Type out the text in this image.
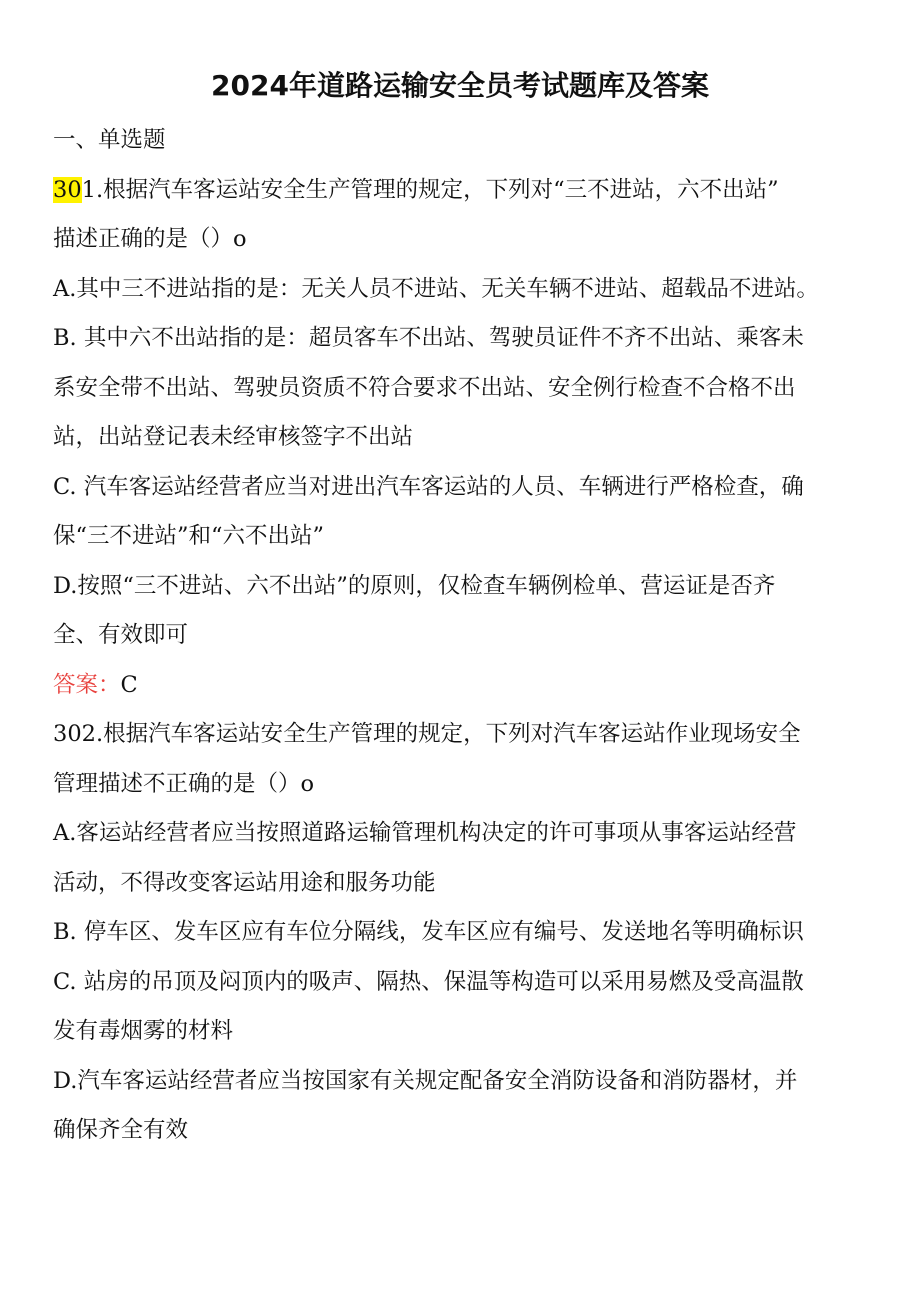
2024年道路运输安全员考试题库及答案
一、单选题
301.根据汽车客运站安全生产管理的规定，下列对“三不进站，六不出站”
描述正确的是（）o
A.其中三不进站指的是：无关人员不进站、无关车辆不进站、超载品不进站。
B. 其中六不出站指的是：超员客车不出站、驾驶员证件不齐不出站、乘客未
系安全带不出站、驾驶员资质不符合要求不出站、安全例行检查不合格不出
站，出站登记表未经审核签字不出站
C. 汽车客运站经营者应当对进出汽车客运站的人员、车辆进行严格检查，确
保“三不进站”和“六不出站”
D.按照“三不进站、六不出站”的原则，仅检查车辆例检单、营运证是否齐
全、有效即可
答案：C
302.根据汽车客运站安全生产管理的规定，下列对汽车客运站作业现场安全
管理描述不正确的是（）o
A.客运站经营者应当按照道路运输管理机构决定的许可事项从事客运站经营
活动，不得改变客运站用途和服务功能
B. 停车区、发车区应有车位分隔线，发车区应有编号、发送地名等明确标识
C. 站房的吊顶及闷顶内的吸声、隔热、保温等构造可以采用易燃及受高温散
发有毒烟雾的材料
D.汽车客运站经营者应当按国家有关规定配备安全消防设备和消防器材，并
确保齐全有效
